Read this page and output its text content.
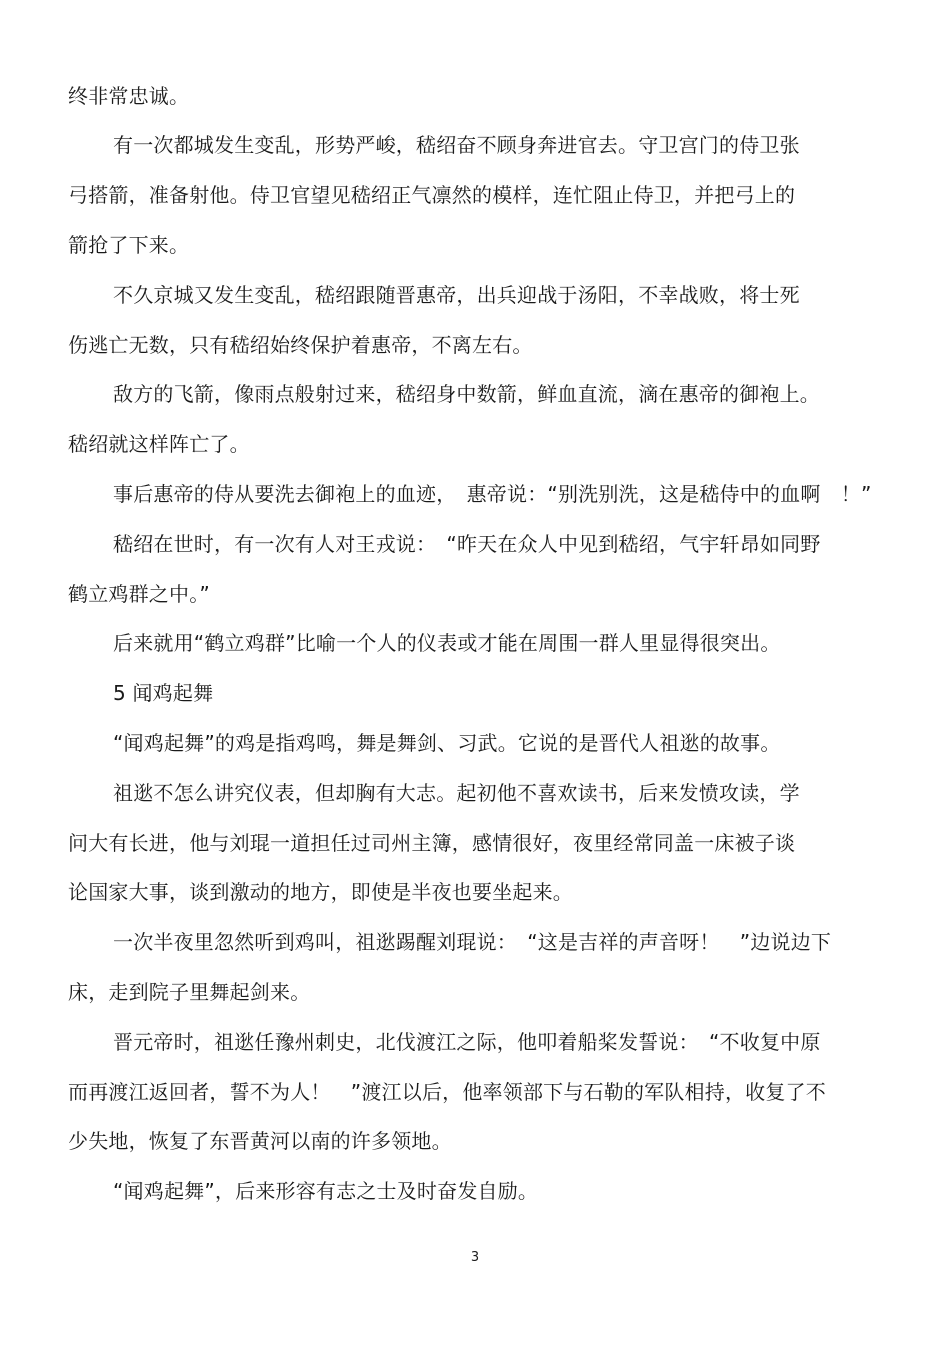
终非常忠诚。
有一次都城发生变乱，形势严峻，嵇绍奋不顾身奔进官去。守卫宫门的侍卫张
弓搭箭，准备射他。侍卫官望见嵇绍正气凛然的模样，连忙阻止侍卫，并把弓上的
箭抢了下来。
不久京城又发生变乱，嵇绍跟随晋惠帝，出兵迎战于汤阳，不幸战败，将士死
伤逃亡无数，只有嵇绍始终保护着惠帝，不离左右。
敌方的飞箭，像雨点般射过来，嵇绍身中数箭，鲜血直流，滴在惠帝的御袍上。
嵇绍就这样阵亡了。
事后惠帝的侍从要洗去御袍上的血迹，　惠帝说：“别洗别洗，这是嵇侍中的血啊　！”
嵇绍在世时，有一次有人对王戎说：　“昨天在众人中见到嵇绍，气宇轩昂如同野
鹤立鸡群之中。”
后来就用“鹤立鸡群”比喻一个人的仪表或才能在周围一群人里显得很突出。
5 闻鸡起舞
“闻鸡起舞”的鸡是指鸡鸣，舞是舞剑、习武。它说的是晋代人祖逖的故事。
祖逖不怎么讲究仪表，但却胸有大志。起初他不喜欢读书，后来发愤攻读，学
问大有长进，他与刘琨一道担任过司州主簿，感情很好，夜里经常同盖一床被子谈
论国家大事，谈到激动的地方，即使是半夜也要坐起来。
一次半夜里忽然听到鸡叫，祖逖踢醒刘琨说：　“这是吉祥的声音呀！　”边说边下
床，走到院子里舞起剑来。
晋元帝时，祖逖任豫州刺史，北伐渡江之际，他叩着船桨发誓说：　“不收复中原
而再渡江返回者，誓不为人！　”渡江以后，他率领部下与石勒的军队相持，收复了不
少失地，恢复了东晋黄河以南的许多领地。
“闻鸡起舞”，后来形容有志之士及时奋发自励。
3
